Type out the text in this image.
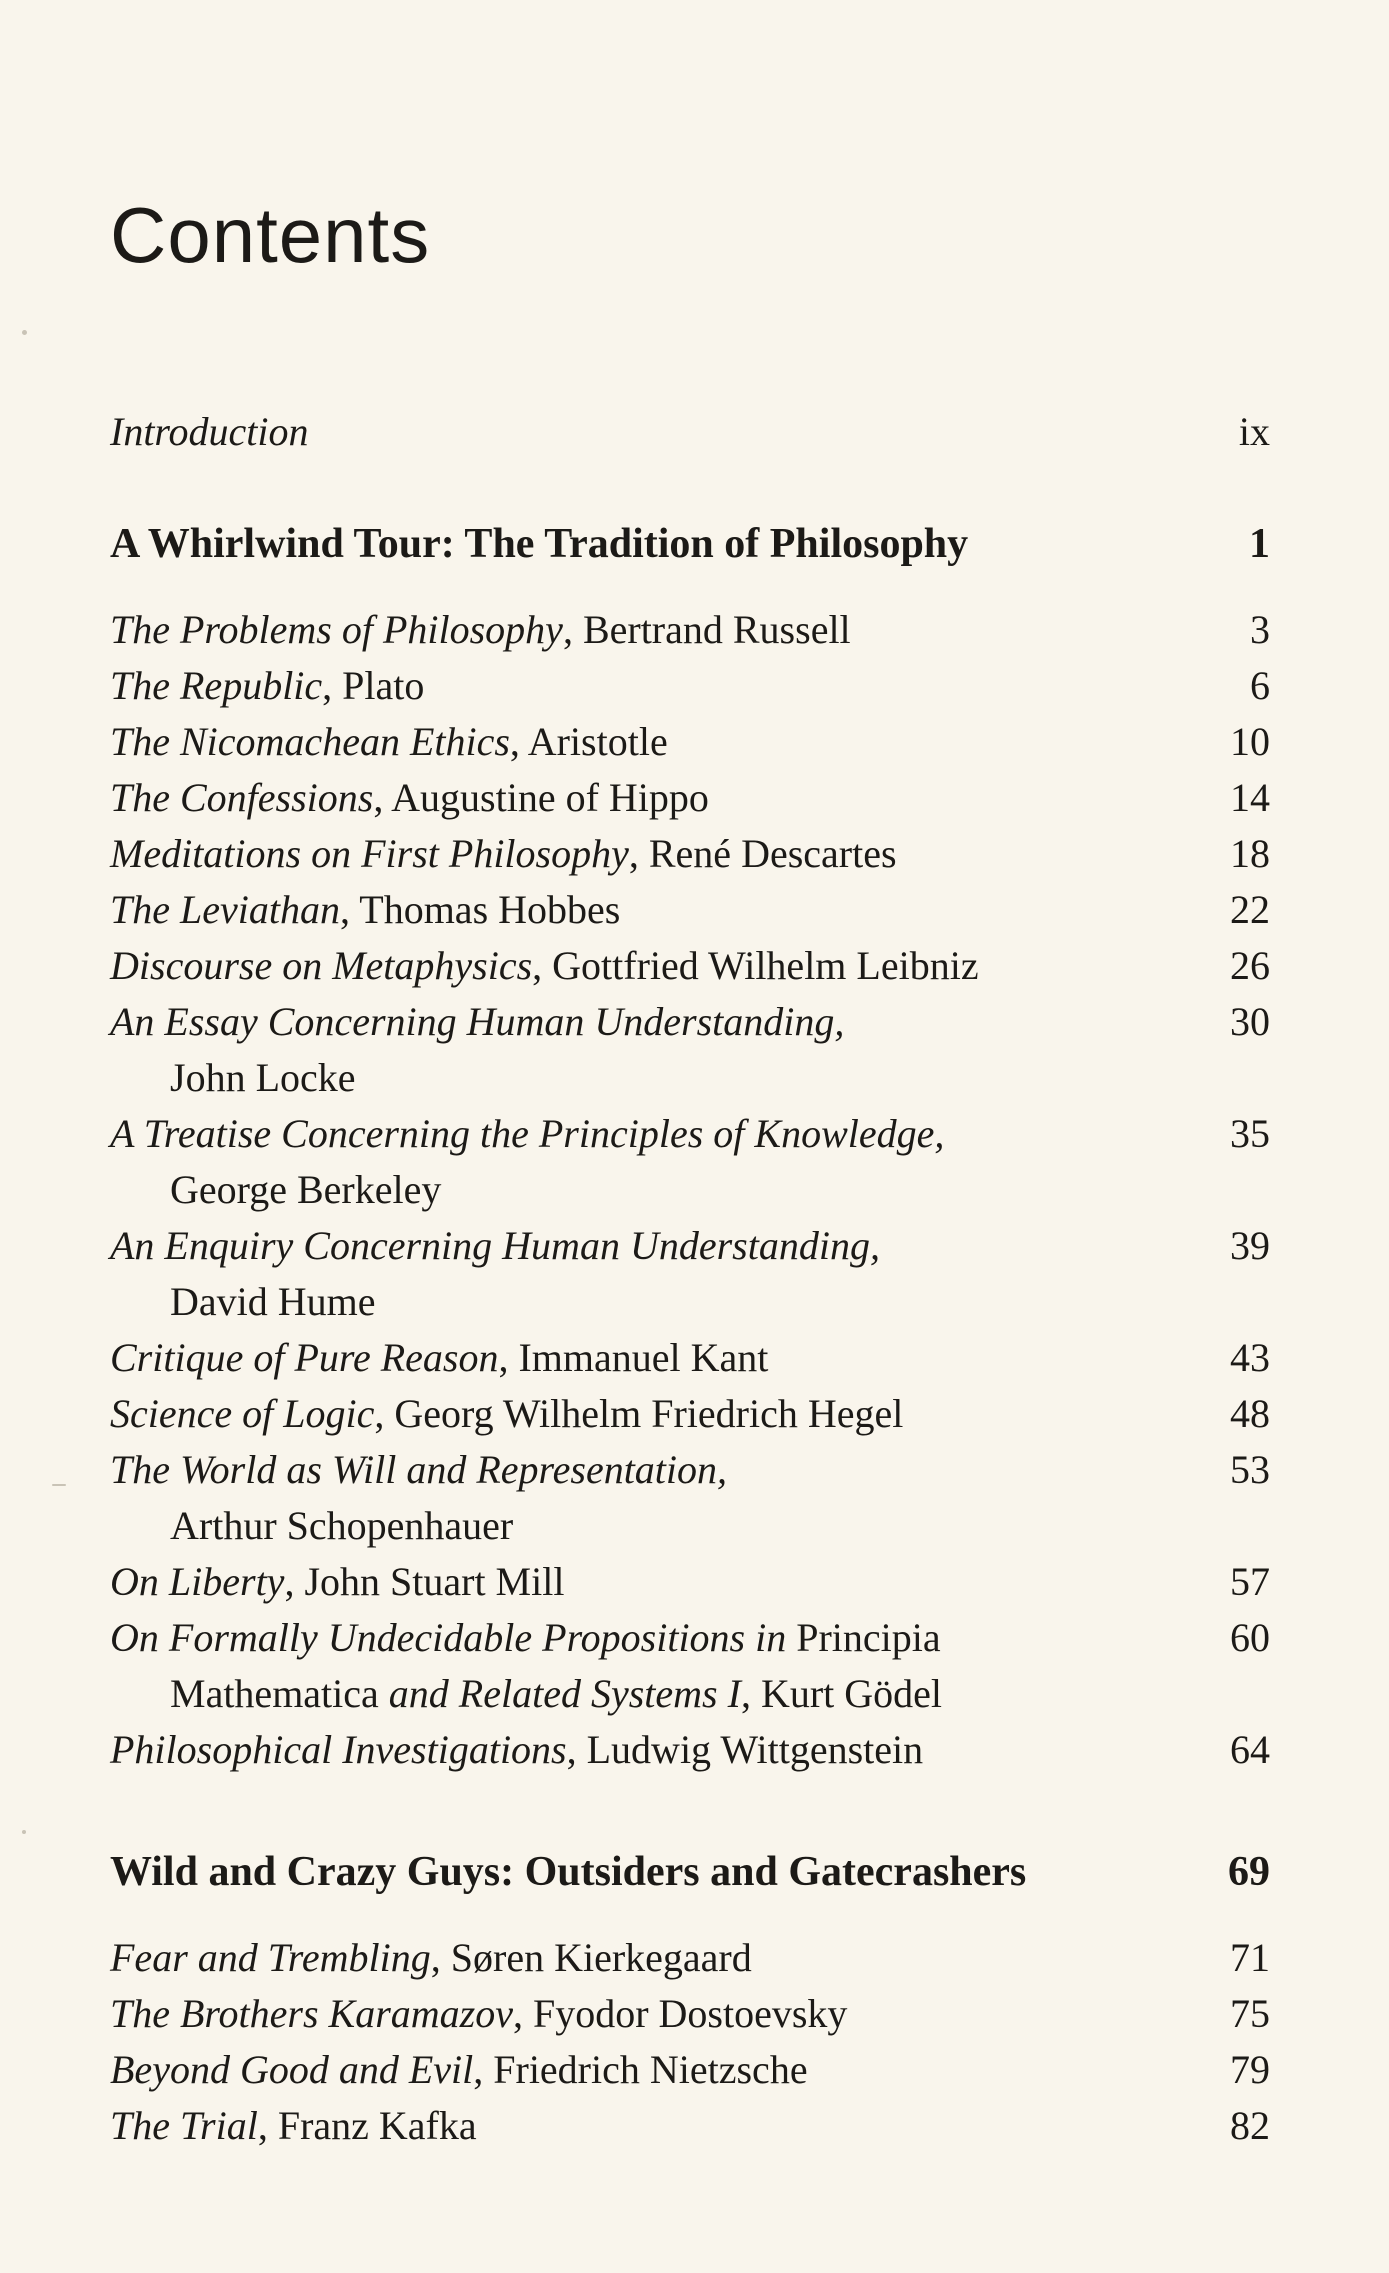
Contents
Introduction	ix
A Whirlwind Tour: The Tradition of Philosophy	1
The Problems of Philosophy, Bertrand Russell	3
The Republic, Plato	6
The Nicomachean Ethics, Aristotle	10
The Confessions, Augustine of Hippo	14
Meditations on First Philosophy, René Descartes	18
The Leviathan, Thomas Hobbes	22
Discourse on Metaphysics, Gottfried Wilhelm Leibniz	26
An Essay Concerning Human Understanding,	30
John Locke
A Treatise Concerning the Principles of Knowledge,	35
George Berkeley
An Enquiry Concerning Human Understanding,	39
David Hume
Critique of Pure Reason, Immanuel Kant	43
Science of Logic, Georg Wilhelm Friedrich Hegel	48
The World as Will and Representation,	53
Arthur Schopenhauer
On Liberty, John Stuart Mill	57
On Formally Undecidable Propositions in Principia	60
Mathematica and Related Systems I, Kurt Gödel
Philosophical Investigations, Ludwig Wittgenstein	64
Wild and Crazy Guys: Outsiders and Gatecrashers	69
Fear and Trembling, Søren Kierkegaard	71
The Brothers Karamazov, Fyodor Dostoevsky	75
Beyond Good and Evil, Friedrich Nietzsche	79
The Trial, Franz Kafka	82
